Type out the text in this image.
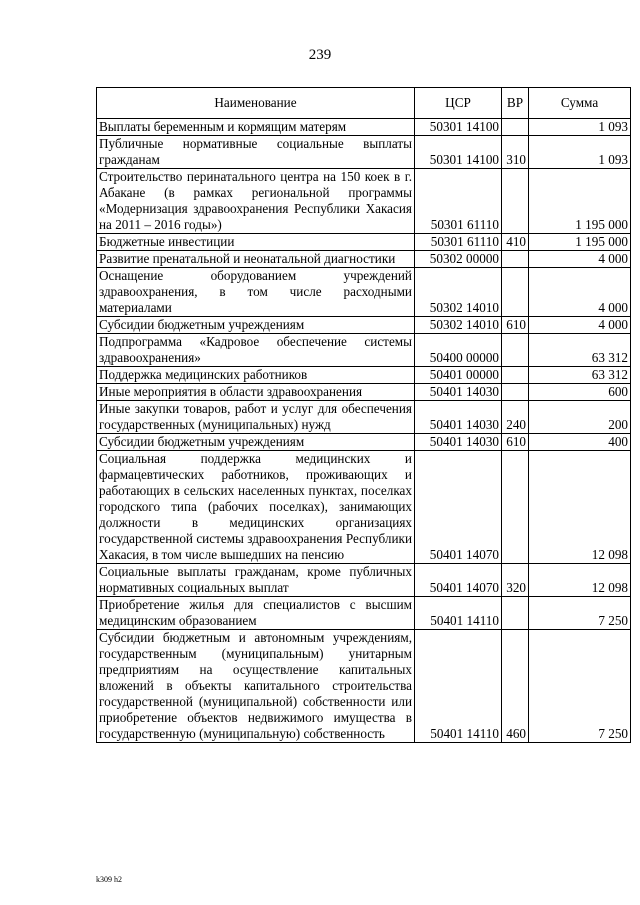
239
Наименование	ЦСР	ВР	Сумма
Выплаты беременным и кормящим матерям	50301 14100		1 093
Публичные нормативные социальные выплаты гражданам	50301 14100	310	1 093
Строительство перинатального центра на 150 коек в г. Абакане (в рамках региональной программы «Модернизация здравоохранения Республики Хакасия на 2011 – 2016 годы»)	50301 61110		1 195 000
Бюджетные инвестиции	50301 61110	410	1 195 000
Развитие пренатальной и неонатальной диагностики	50302 00000		4 000
Оснащение оборудованием учреждений здравоохранения, в том числе расходными материалами	50302 14010		4 000
Субсидии бюджетным учреждениям	50302 14010	610	4 000
Подпрограмма «Кадровое обеспечение системы здравоохранения»	50400 00000		63 312
Поддержка медицинских работников	50401 00000		63 312
Иные мероприятия в области здравоохранения	50401 14030		600
Иные закупки товаров, работ и услуг для обеспечения государственных (муниципальных) нужд	50401 14030	240	200
Субсидии бюджетным учреждениям	50401 14030	610	400
Социальная поддержка медицинских и фармацевтических работников, проживающих и работающих в сельских населенных пунктах, поселках городского типа (рабочих поселках), занимающих должности в медицинских организациях государственной системы здравоохранения Республики Хакасия, в том числе вышедших на пенсию	50401 14070		12 098
Социальные выплаты гражданам, кроме публичных нормативных социальных выплат	50401 14070	320	12 098
Приобретение жилья для специалистов с высшим медицинским образованием	50401 14110		7 250
Субсидии бюджетным и автономным учреждениям, государственным (муниципальным) унитарным предприятиям на осуществление капитальных вложений в объекты капитального строительства государственной (муниципальной) собственности или приобретение объектов недвижимого имущества в государственную (муниципальную) собственность	50401 14110	460	7 250
k309 h2
